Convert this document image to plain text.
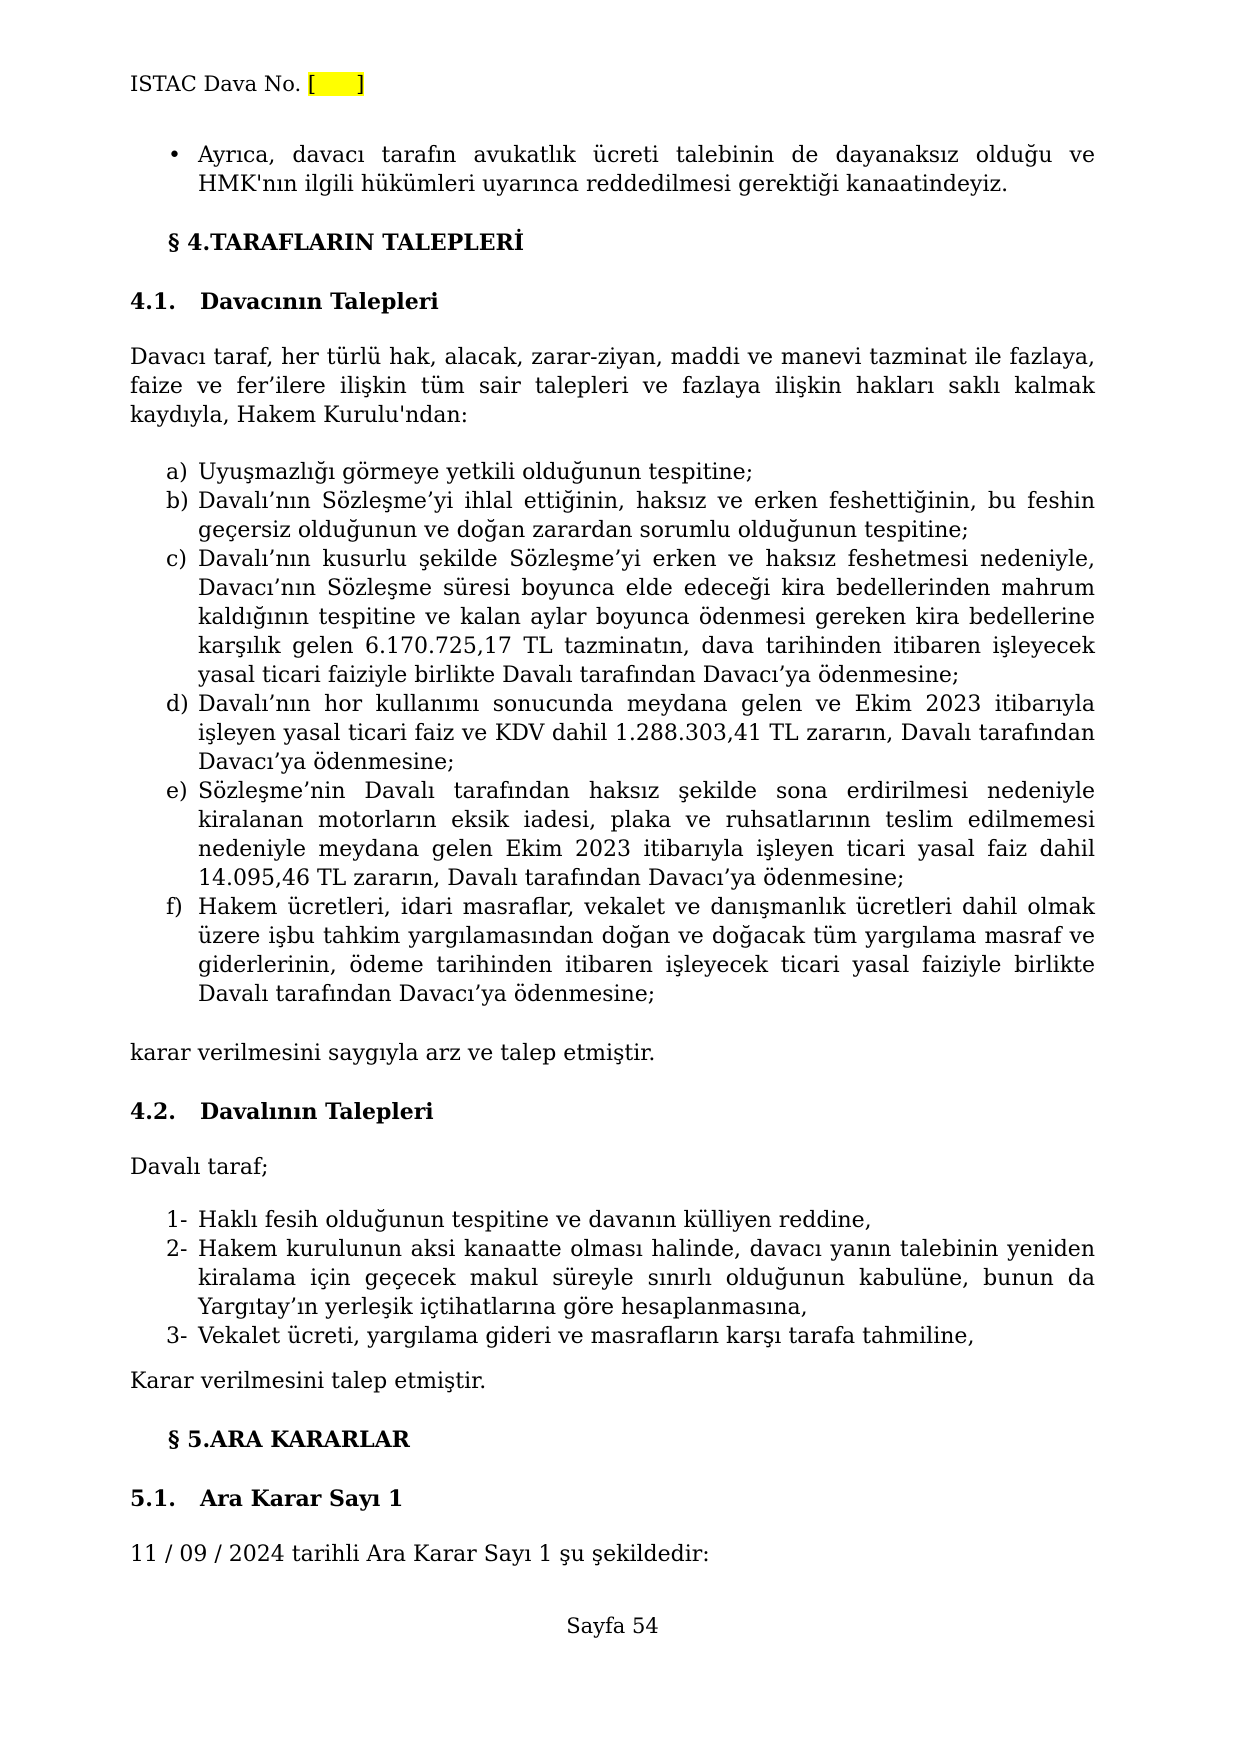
ISTAC Dava No. [      ]
• Ayrıca, davacı tarafın avukatlık ücreti talebinin de dayanaksız olduğu ve HMK'nın ilgili hükümleri uyarınca reddedilmesi gerektiği kanaatindeyiz.
§ 4.TARAFLARIN TALEPLERİ
4.1. Davacının Talepleri

Davacı taraf, her türlü hak, alacak, zarar-ziyan, maddi ve manevi tazminat ile fazlaya, faize ve fer’ilere ilişkin tüm sair talepleri ve fazlaya ilişkin hakları saklı kalmak kaydıyla, Hakem Kurulu'ndan:

a) Uyuşmazlığı görmeye yetkili olduğunun tespitine;
b) Davalı’nın Sözleşme’yi ihlal ettiğinin, haksız ve erken feshettiğinin, bu feshin geçersiz olduğunun ve doğan zarardan sorumlu olduğunun tespitine;
c) Davalı’nın kusurlu şekilde Sözleşme’yi erken ve haksız feshetmesi nedeniyle, Davacı’nın Sözleşme süresi boyunca elde edeceği kira bedellerinden mahrum kaldığının tespitine ve kalan aylar boyunca ödenmesi gereken kira bedellerine karşılık gelen 6.170.725,17 TL tazminatın, dava tarihinden itibaren işleyecek yasal ticari faiziyle birlikte Davalı tarafından Davacı’ya ödenmesine;
d) Davalı’nın hor kullanımı sonucunda meydana gelen ve Ekim 2023 itibarıyla işleyen yasal ticari faiz ve KDV dahil 1.288.303,41 TL zararın, Davalı tarafından Davacı’ya ödenmesine;
e) Sözleşme’nin Davalı tarafından haksız şekilde sona erdirilmesi nedeniyle kiralanan motorların eksik iadesi, plaka ve ruhsatlarının teslim edilmemesi nedeniyle meydana gelen Ekim 2023 itibarıyla işleyen ticari yasal faiz dahil 14.095,46 TL zararın, Davalı tarafından Davacı’ya ödenmesine;
f) Hakem ücretleri, idari masraflar, vekalet ve danışmanlık ücretleri dahil olmak üzere işbu tahkim yargılamasından doğan ve doğacak tüm yargılama masraf ve giderlerinin, ödeme tarihinden itibaren işleyecek ticari yasal faiziyle birlikte Davalı tarafından Davacı’ya ödenmesine;

karar verilmesini saygıyla arz ve talep etmiştir.

4.2. Davalının Talepleri

Davalı taraf;

1- Haklı fesih olduğunun tespitine ve davanın külliyen reddine,
2- Hakem kurulunun aksi kanaatte olması halinde, davacı yanın talebinin yeniden kiralama için geçecek makul süreyle sınırlı olduğunun kabulüne, bunun da Yargıtay’ın yerleşik içtihatlarına göre hesaplanmasına,
3- Vekalet ücreti, yargılama gideri ve masrafların karşı tarafa tahmiline,

Karar verilmesini talep etmiştir.

§ 5.ARA KARARLAR
5.1. Ara Karar Sayı 1

11 / 09 / 2024 tarihli Ara Karar Sayı 1 şu şekildedir:

Sayfa 54
